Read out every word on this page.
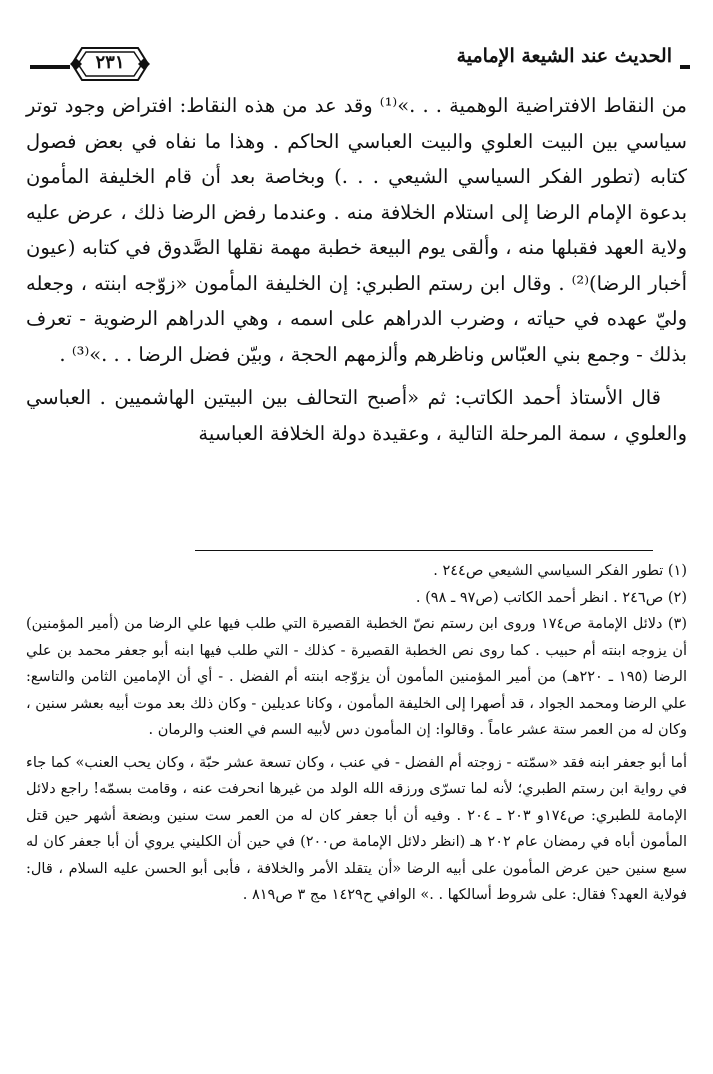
الحديث عند الشيعة الإمامية
٢٣١

من النقاط الافتراضية الوهمية . . .»⁽¹⁾ وقد عد من هذه النقاط: افتراض وجود توتر سياسي بين البيت العلوي والبيت العباسي الحاكم . وهذا ما نفاه في بعض فصول كتابه (تطور الفكر السياسي الشيعي . . .) وبخاصة بعد أن قام الخليفة المأمون بدعوة الإمام الرضا إلى استلام الخلافة منه . وعندما رفض الرضا ذلك ، عرض عليه ولاية العهد فقبلها منه ، وألقى يوم البيعة خطبة مهمة نقلها الصَّدوق في كتابه (عيون أخبار الرضا)⁽²⁾ . وقال ابن رستم الطبري: إن الخليفة المأمون «زوّجه ابنته ، وجعله وليّ عهده في حياته ، وضرب الدراهم على اسمه ، وهي الدراهم الرضوية - تعرف بذلك - وجمع بني العبّاس وناظرهم وألزمهم الحجة ، وبيّن فضل الرضا . . .»⁽³⁾ .

قال الأستاذ أحمد الكاتب: ثم «أصبح التحالف بين البيتين الهاشميين . العباسي والعلوي ، سمة المرحلة التالية ، وعقيدة دولة الخلافة العباسية

(١) تطور الفكر السياسي الشيعي ص٢٤٤ .

(٢) ص٢٤٦ . انظر أحمد الكاتب (ص٩٧ ـ ٩٨) .

(٣) دلائل الإمامة ص١٧٤ وروى ابن رستم نصّ الخطبة القصيرة التي طلب فيها علي الرضا من (أمير المؤمنين) أن يزوجه ابنته أم حبيب . كما روى نص الخطبة القصيرة - كذلك - التي طلب فيها ابنه أبو جعفر محمد بن علي الرضا (١٩٥ ـ ٢٢٠هـ) من أمير المؤمنين المأمون أن يزوّجه ابنته أم الفضل . - أي أن الإمامين الثامن والتاسع: علي الرضا ومحمد الجواد ، قد أصهرا إلى الخليفة المأمون ، وكانا عديلين - وكان ذلك بعد موت أبيه بعشر سنين ، وكان له من العمر ستة عشر عاماً . وقالوا: إن المأمون دس لأبيه السم في العنب والرمان .

أما أبو جعفر ابنه فقد «سمّته - زوجته أم الفضل - في عنب ، وكان تسعة عشر حبّة ، وكان يحب العنب» كما جاء في رواية ابن رستم الطبري؛ لأنه لما تسرّى ورزقه الله الولد من غيرها انحرفت عنه ، وقامت بسمّه! راجع دلائل الإمامة للطبري: ص١٧٤و ٢٠٣ ـ ٢٠٤ . وفيه أن أبا جعفر كان له من العمر ست سنين وبضعة أشهر حين قتل المأمون أباه في رمضان عام ٢٠٢ هـ (انظر دلائل الإمامة ص٢٠٠) في حين أن الكليني يروي أن أبا جعفر كان له سبع سنين حين عرض المأمون على أبيه الرضا «أن يتقلد الأمر والخلافة ، فأبى أبو الحسن عليه السلام ، قال: فولاية العهد؟ فقال: على شروط أسالكها . .» الوافي ح١٤٢٩ مج ٣ ص٨١٩ .
